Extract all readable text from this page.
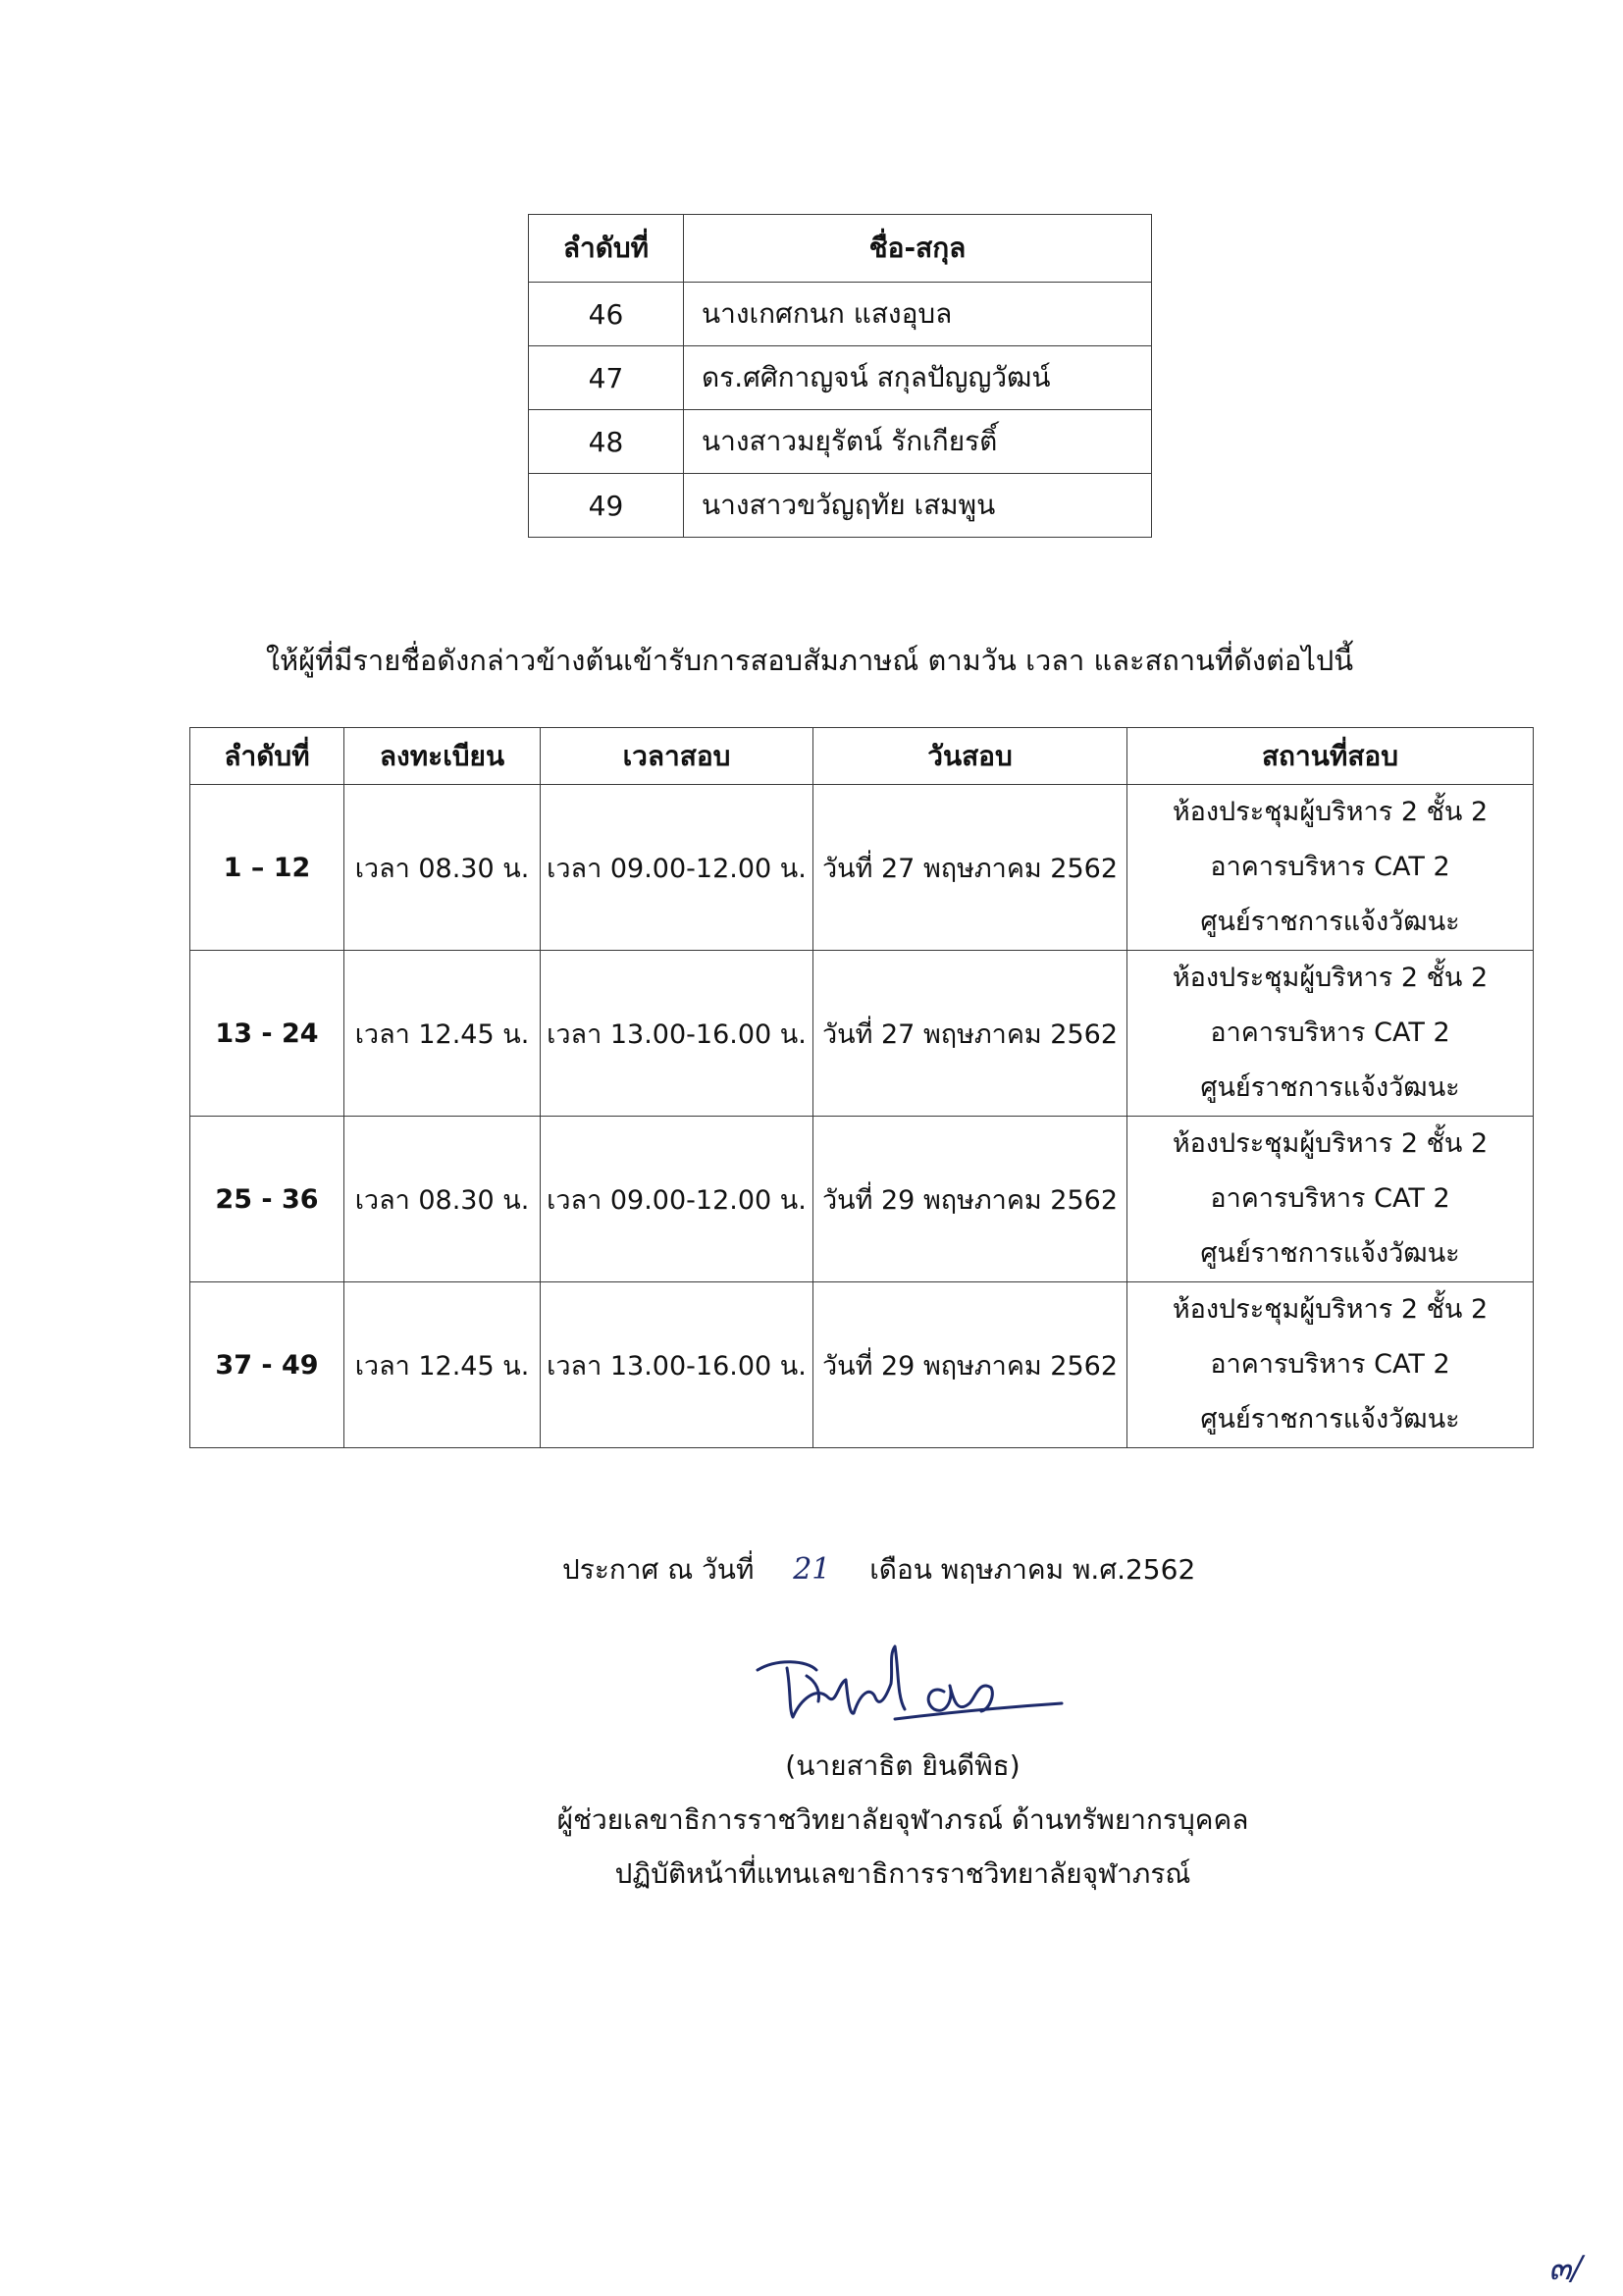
ลำดับที่	ชื่อ-สกุล
46	นางเกศกนก แสงอุบล
47	ดร.ศศิกาญจน์ สกุลปัญญวัฒน์
48	นางสาวมยุรัตน์ รักเกียรติ์
49	นางสาวขวัญฤทัย เสมพูน
ให้ผู้ที่มีรายชื่อดังกล่าวข้างต้นเข้ารับการสอบสัมภาษณ์ ตามวัน เวลา และสถานที่ดังต่อไปนี้
ลำดับที่	ลงทะเบียน	เวลาสอบ	วันสอบ	สถานที่สอบ
1 – 12	เวลา 08.30 น.	เวลา 09.00-12.00 น.	วันที่ 27 พฤษภาคม 2562	ห้องประชุมผู้บริหาร 2 ชั้น 2
อาคารบริหาร CAT 2
ศูนย์ราชการแจ้งวัฒนะ

13 - 24	เวลา 12.45 น.	เวลา 13.00-16.00 น.	วันที่ 27 พฤษภาคม 2562	ห้องประชุมผู้บริหาร 2 ชั้น 2
อาคารบริหาร CAT 2
ศูนย์ราชการแจ้งวัฒนะ

25 - 36	เวลา 08.30 น.	เวลา 09.00-12.00 น.	วันที่ 29 พฤษภาคม 2562	ห้องประชุมผู้บริหาร 2 ชั้น 2
อาคารบริหาร CAT 2
ศูนย์ราชการแจ้งวัฒนะ

37 - 49	เวลา 12.45 น.	เวลา 13.00-16.00 น.	วันที่ 29 พฤษภาคม 2562	ห้องประชุมผู้บริหาร 2 ชั้น 2
อาคารบริหาร CAT 2
ศูนย์ราชการแจ้งวัฒนะ
ประกาศ ณ วันที่ 21 เดือน พฤษภาคม พ.ศ.2562
(นายสาธิต ยินดีพิธ)
ผู้ช่วยเลขาธิการราชวิทยาลัยจุฬาภรณ์ ด้านทรัพยากรบุคคล
ปฏิบัติหน้าที่แทนเลขาธิการราชวิทยาลัยจุฬาภรณ์
๓/
